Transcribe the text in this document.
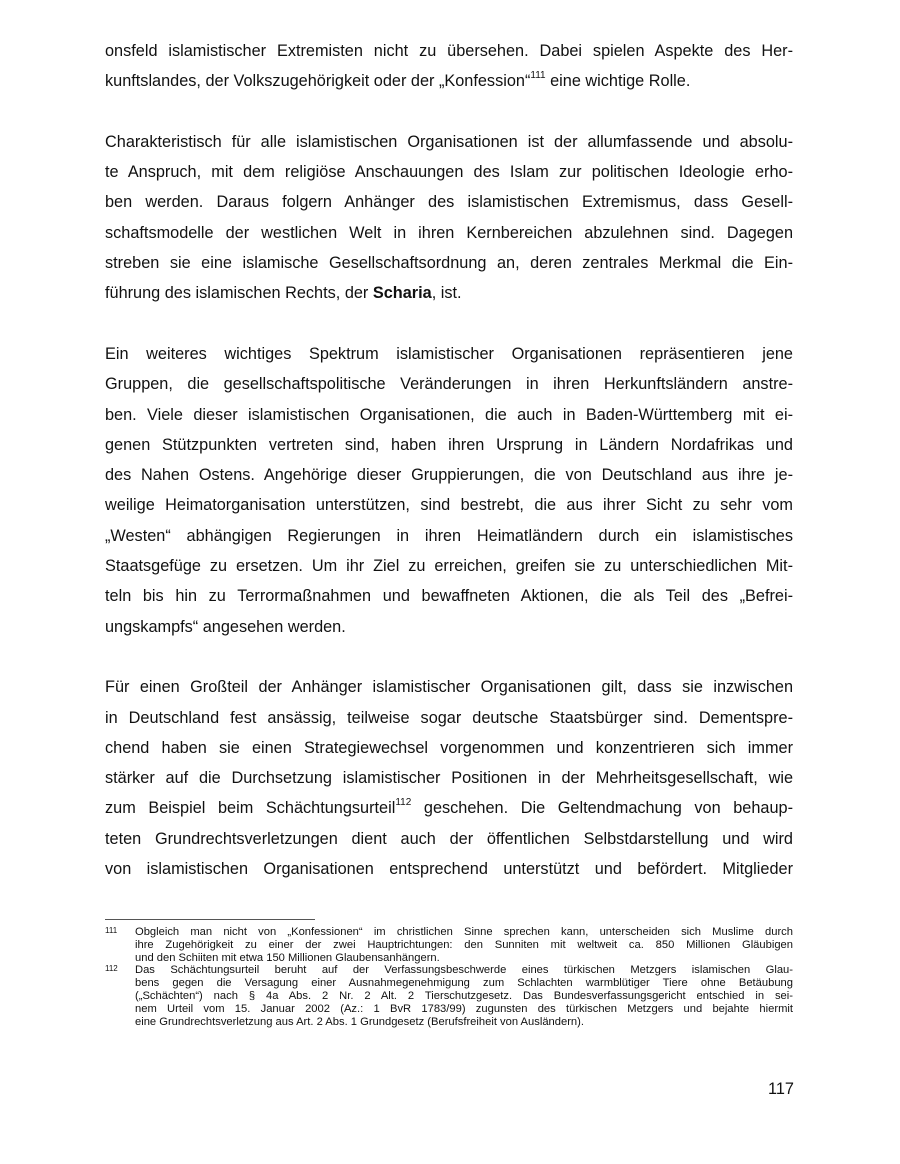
onsfeld islamistischer Extremisten nicht zu übersehen. Dabei spielen Aspekte des Her-
kunftslandes, der Volkszugehörigkeit oder der „Konfession“$^{111}$ eine wichtige Rolle.
Charakteristisch für alle islamistischen Organisationen ist der allumfassende und absolu-
te Anspruch, mit dem religiöse Anschauungen des Islam zur politischen Ideologie erho-
ben werden. Daraus folgern Anhänger des islamistischen Extremismus, dass Gesell-
schaftsmodelle der westlichen Welt in ihren Kernbereichen abzulehnen sind. Dagegen
streben sie eine islamische Gesellschaftsordnung an, deren zentrales Merkmal die Ein-
führung des islamischen Rechts, der Scharia, ist.
Ein weiteres wichtiges Spektrum islamistischer Organisationen repräsentieren jene
Gruppen, die gesellschaftspolitische Veränderungen in ihren Herkunftsländern anstre-
ben. Viele dieser islamistischen Organisationen, die auch in Baden-Württemberg mit ei-
genen Stützpunkten vertreten sind, haben ihren Ursprung in Ländern Nordafrikas und
des Nahen Ostens. Angehörige dieser Gruppierungen, die von Deutschland aus ihre je-
weilige Heimatorganisation unterstützen, sind bestrebt, die aus ihrer Sicht zu sehr vom
„Westen“ abhängigen Regierungen in ihren Heimatländern durch ein islamistisches
Staatsgefüge zu ersetzen. Um ihr Ziel zu erreichen, greifen sie zu unterschiedlichen Mit-
teln bis hin zu Terrormaßnahmen und bewaffneten Aktionen, die als Teil des „Befrei-
ungskampfs“ angesehen werden.
Für einen Großteil der Anhänger islamistischer Organisationen gilt, dass sie inzwischen
in Deutschland fest ansässig, teilweise sogar deutsche Staatsbürger sind. Dementspre-
chend haben sie einen Strategiewechsel vorgenommen und konzentrieren sich immer
stärker auf die Durchsetzung islamistischer Positionen in der Mehrheitsgesellschaft, wie
zum Beispiel beim Schächtungsurteil$^{112}$ geschehen. Die Geltendmachung von behaup-
teten Grundrechtsverletzungen dient auch der öffentlichen Selbstdarstellung und wird
von islamistischen Organisationen entsprechend unterstützt und befördert. Mitglieder
111	Obgleich man nicht von „Konfessionen“ im christlichen Sinne sprechen kann, unterscheiden sich Muslime durch
ihre Zugehörigkeit zu einer der zwei Hauptrichtungen: den Sunniten mit weltweit ca. 850 Millionen Gläubigen
und den Schiiten mit etwa 150 Millionen Glaubensanhängern.
112	Das Schächtungsurteil beruht auf der Verfassungsbeschwerde eines türkischen Metzgers islamischen Glau-
bens gegen die Versagung einer Ausnahmegenehmigung zum Schlachten warmblütiger Tiere ohne Betäubung
(„Schächten“) nach § 4a Abs. 2 Nr. 2 Alt. 2 Tierschutzgesetz. Das Bundesverfassungsgericht entschied in sei-
nem Urteil vom 15. Januar 2002 (Az.: 1 BvR 1783/99) zugunsten des türkischen Metzgers und bejahte hiermit
eine Grundrechtsverletzung aus Art. 2 Abs. 1 Grundgesetz (Berufsfreiheit von Ausländern).
117
